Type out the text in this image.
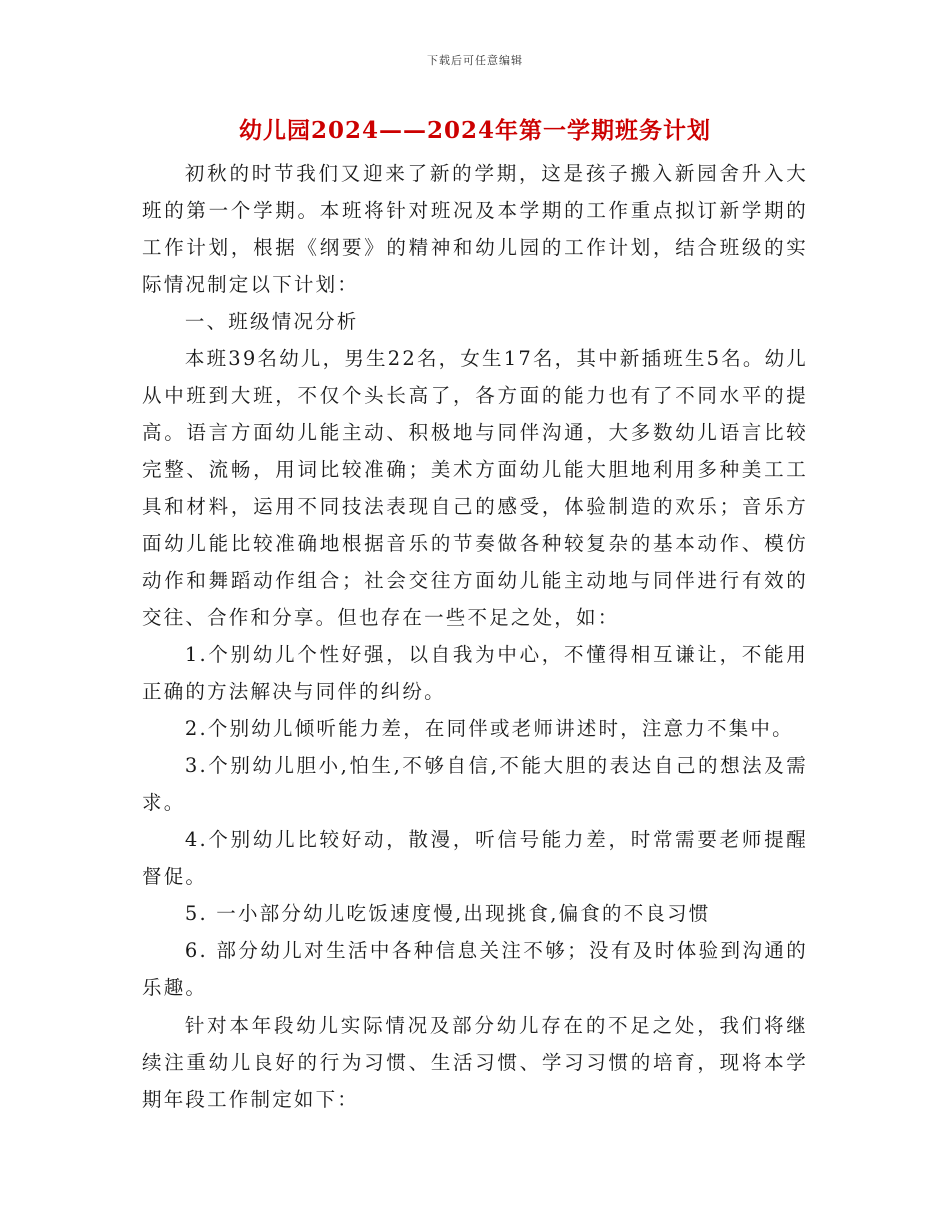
下载后可任意编辑
幼儿园2024——2024年第一学期班务计划

初秋的时节我们又迎来了新的学期，这是孩子搬入新园舍升入大班的第一个学期。本班将针对班况及本学期的工作重点拟订新学期的工作计划，根据《纲要》的精神和幼儿园的工作计划，结合班级的实际情况制定以下计划：

一、班级情况分析

本班39名幼儿，男生22名，女生17名，其中新插班生5名。幼儿从中班到大班，不仅个头长高了，各方面的能力也有了不同水平的提高。语言方面幼儿能主动、积极地与同伴沟通，大多数幼儿语言比较完整、流畅，用词比较准确；美术方面幼儿能大胆地利用多种美工工具和材料，运用不同技法表现自己的感受，体验制造的欢乐；音乐方面幼儿能比较准确地根据音乐的节奏做各种较复杂的基本动作、模仿动作和舞蹈动作组合；社会交往方面幼儿能主动地与同伴进行有效的交往、合作和分享。但也存在一些不足之处，如：

1.个别幼儿个性好强，以自我为中心，不懂得相互谦让，不能用正确的方法解决与同伴的纠纷。

2.个别幼儿倾听能力差，在同伴或老师讲述时，注意力不集中。

3.个别幼儿胆小,怕生,不够自信,不能大胆的表达自己的想法及需求。

4.个别幼儿比较好动，散漫，听信号能力差，时常需要老师提醒督促。

5. 一小部分幼儿吃饭速度慢,出现挑食,偏食的不良习惯

6. 部分幼儿对生活中各种信息关注不够；没有及时体验到沟通的乐趣。

针对本年段幼儿实际情况及部分幼儿存在的不足之处，我们将继续注重幼儿良好的行为习惯、生活习惯、学习习惯的培育，现将本学期年段工作制定如下：
